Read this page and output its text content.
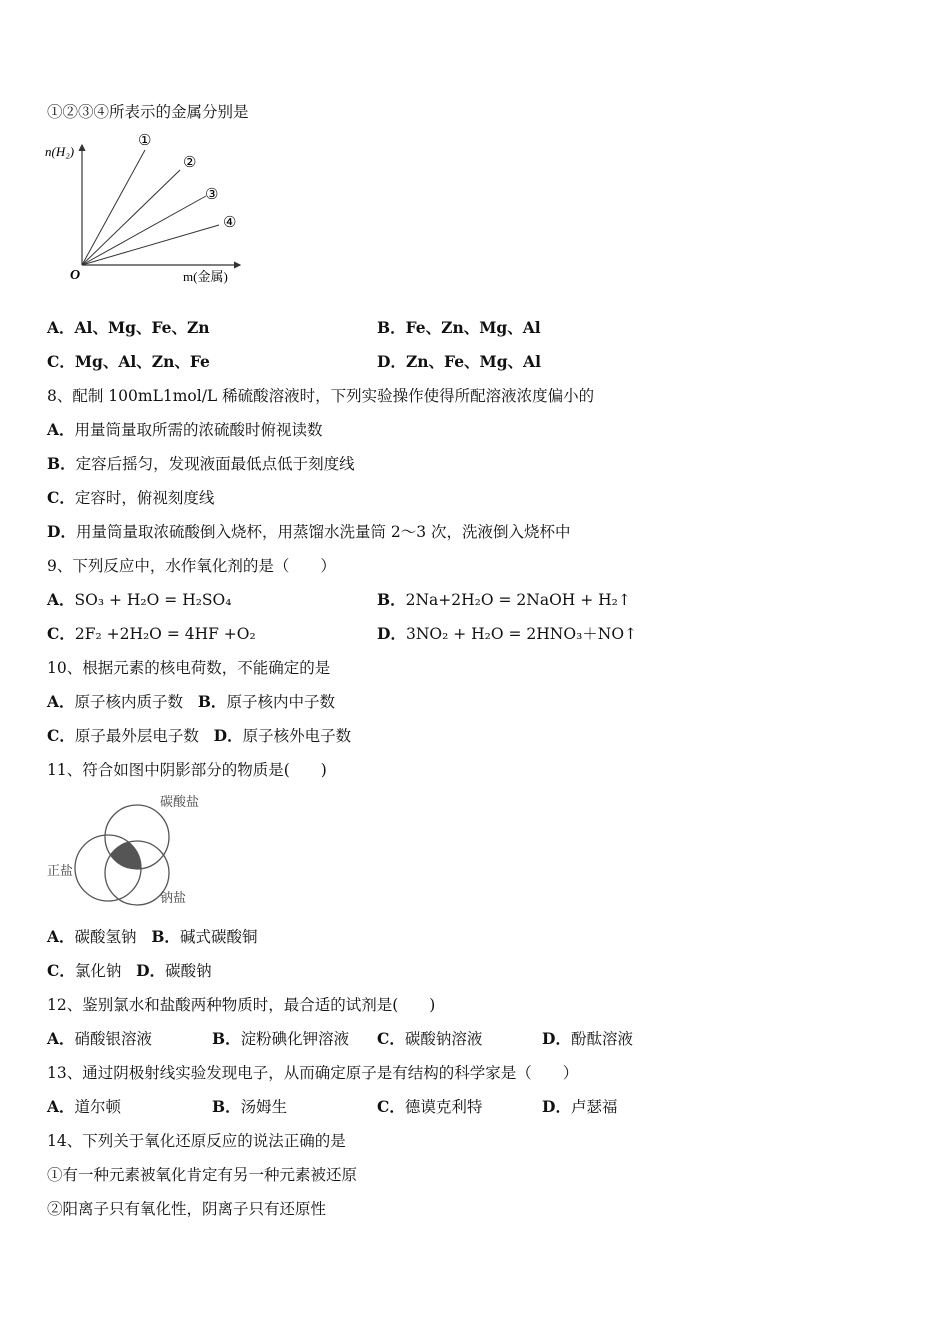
①②③④所表示的金属分别是
n(H₂)
O	m(金属)
①
②
③
④
A．Al、Mg、Fe、Zn	B．Fe、Zn、Mg、Al
C．Mg、Al、Zn、Fe	D．Zn、Fe、Mg、Al
8、配制 100mL1mol/L 稀硫酸溶液时，下列实验操作使得所配溶液浓度偏小的
A．用量筒量取所需的浓硫酸时俯视读数
B．定容后摇匀，发现液面最低点低于刻度线
C．定容时，俯视刻度线
D．用量筒量取浓硫酸倒入烧杯，用蒸馏水洗量筒 2～3 次，洗液倒入烧杯中
9、下列反应中，水作氧化剂的是（　　）
A．SO₃ + H₂O = H₂SO₄	B．2Na+2H₂O = 2NaOH + H₂↑
C．2F₂ +2H₂O = 4HF +O₂	D．3NO₂ + H₂O = 2HNO₃＋NO↑
10、根据元素的核电荷数，不能确定的是
A．原子核内质子数 B．原子核内中子数
C．原子最外层电子数 D．原子核外电子数
11、符合如图中阴影部分的物质是(　　)
碳酸盐
正盐
钠盐
A．碳酸氢钠 B．碱式碳酸铜
C．氯化钠 D．碳酸钠
12、鉴别氯水和盐酸两种物质时，最合适的试剂是(　　)
A．硝酸银溶液	B．淀粉碘化钾溶液 C．碳酸钠溶液	D．酚酞溶液
13、通过阴极射线实验发现电子，从而确定原子是有结构的科学家是（　　）
A．道尔顿	B．汤姆生	C．德谟克利特	D．卢瑟福
14、下列关于氧化还原反应的说法正确的是
①有一种元素被氧化肯定有另一种元素被还原
②阳离子只有氧化性，阴离子只有还原性
